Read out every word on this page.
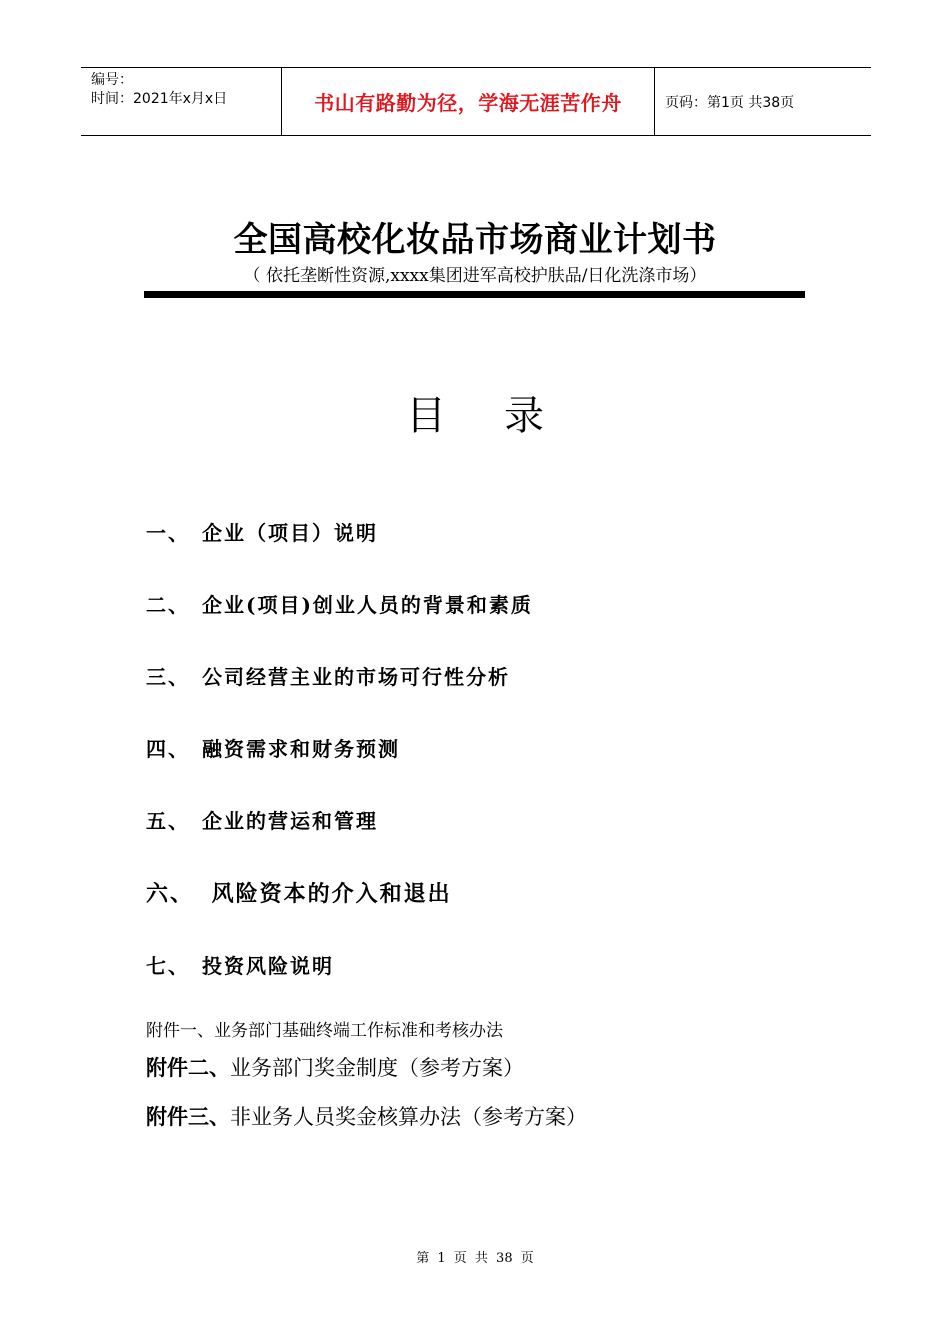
编号：
时间：2021年x月x日	书山有路勤为径，学海无涯苦作舟	页码：第1页 共38页
全国高校化妆品市场商业计划书
（ 依托垄断性资源,xxxx集团进军高校护肤品/日化洗涤市场）
目 录
一、 企业（项目）说明
二、 企业(项目)创业人员的背景和素质
三、 公司经营主业的市场可行性分析
四、 融资需求和财务预测
五、 企业的营运和管理
六、 风险资本的介入和退出
七、 投资风险说明
附件一、业务部门基础终端工作标准和考核办法
附件二、业务部门奖金制度（参考方案）
附件三、非业务人员奖金核算办法（参考方案）
第 1 页 共 38 页
